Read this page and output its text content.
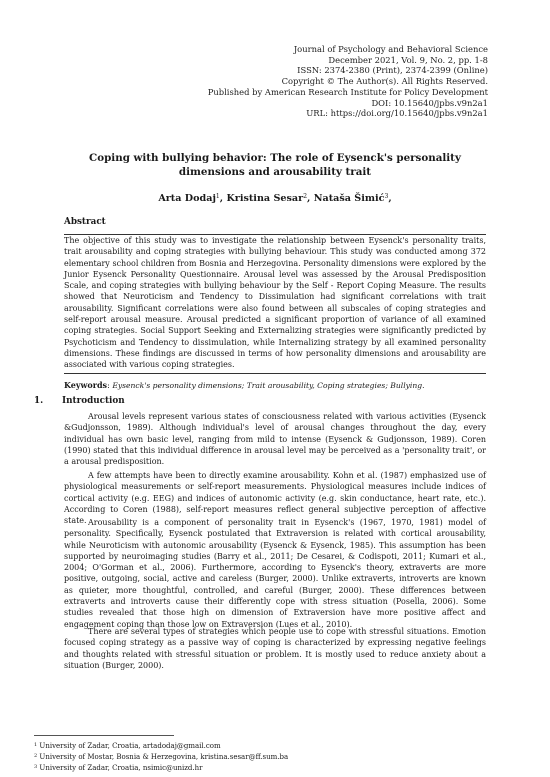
Journal of Psychology and Behavioral Science
December 2021, Vol. 9, No. 2, pp. 1-8
ISSN: 2374-2380 (Print), 2374-2399 (Online)
Copyright © The Author(s). All Rights Reserved.
Published by American Research Institute for Policy Development
DOI: 10.15640/jpbs.v9n2a1
URL: https://doi.org/10.15640/jpbs.v9n2a1
Coping with bullying behavior: The role of Eysenck's personality dimensions and arousability trait
Arta Dodaj$^1$, Kristina Sesar$^2$, Nataša Šimić$^3$,
Abstract
The objective of this study was to investigate the relationship between Eysenck's personality traits, trait arousability and coping strategies with bullying behaviour. This study was conducted among 372 elementary school children from Bosnia and Herzegovina. Personality dimensions were explored by the Junior Eysenck Personality Questionnaire. Arousal level was assessed by the Arousal Predisposition Scale, and coping strategies with bullying behaviour by the Self - Report Coping Measure. The results showed that Neuroticism and Tendency to Dissimulation had significant correlations with trait arousability. Significant correlations were also found between all subscales of coping strategies and self-report arousal measure. Arousal predicted a significant proportion of variance of all examined coping strategies. Social Support Seeking and Externalizing strategies were significantly predicted by Psychoticism and Tendency to dissimulation, while Internalizing strategy by all examined personality dimensions. These findings are discussed in terms of how personality dimensions and arousability are associated with various coping strategies.
Keywords: Eysenck's personality dimensions; Trait arousability, Coping strategies; Bullying.
1. Introduction

Arousal levels represent various states of consciousness related with various activities (Eysenck &Gudjonsson, 1989). Although individual's level of arousal changes throughout the day, every individual has own basic level, ranging from mild to intense (Eysenck & Gudjonsson, 1989). Coren (1990) stated that this individual difference in arousal level may be perceived as a 'personality trait', or a arousal predisposition.

A few attempts have been to directly examine arousability. Kohn et al. (1987) emphasized use of physiological measurements or self-report measurements. Physiological measures include indices of cortical activity (e.g. EEG) and indices of autonomic activity (e.g. skin conductance, heart rate, etc.). According to Coren (1988), self-report measures reflect general subjective perception of affective state. Arousability is a component of personality trait in Eysenck's (1967, 1970, 1981) model of personality. Specifically, Eysenck postulated that Extraversion is related with cortical arousability, while Neuroticism with autonomic arousability (Eysenck & Eysenck, 1985). This assumption has been supported by neuroimaging studies (Barry et al., 2011; De Cesarei, & Codispoti, 2011; Kumari et al., 2004; O'Gorman et al., 2006). Furthermore, according to Eysenck's theory, extraverts are more positive, outgoing, social, active and careless (Burger, 2000). Unlike extraverts, introverts are known as quieter, more thoughtful, controlled, and careful (Burger, 2000). These differences between extraverts and introverts cause their differently cope with stress situation (Posella, 2006). Some studies revealed that those high on dimension of Extraversion have more positive affect and engagement coping than those low on Extraversion (Lues et al., 2010).

There are several types of strategies which people use to cope with stressful situations. Emotion focused coping strategy as a passive way of coping is characterized by expressing negative feelings and thoughts related with stressful situation or problem. It is mostly used to reduce anxiety about a situation (Burger, 2000).

$^1$ University of Zadar, Croatia, artadodaj@gmail.com
$^2$ University of Mostar, Bosnia & Herzegovina, kristina.sesar@ff.sum.ba
$^3$ University of Zadar, Croatia, nsimic@unizd.hr
